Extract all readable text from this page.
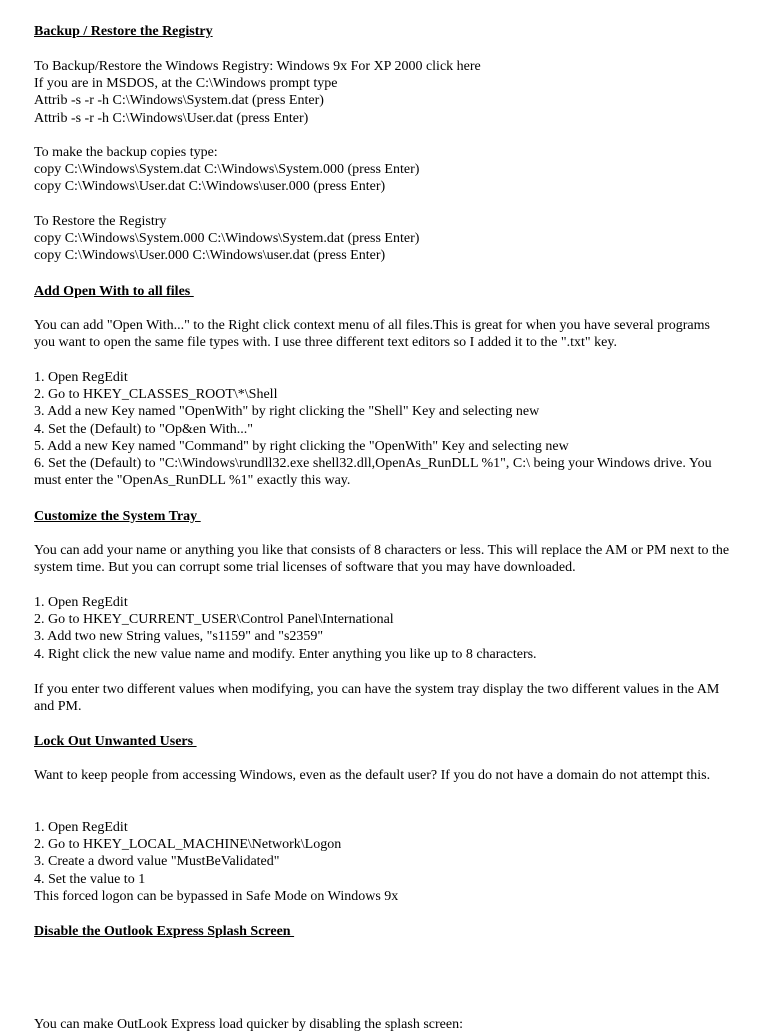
Backup / Restore the Registry
To Backup/Restore the Windows Registry: Windows 9x For XP 2000 click here
If you are in MSDOS, at the C:\Windows prompt type
Attrib -s -r -h C:\Windows\System.dat (press Enter)
Attrib -s -r -h C:\Windows\User.dat (press Enter)
To make the backup copies type:
copy C:\Windows\System.dat C:\Windows\System.000 (press Enter)
copy C:\Windows\User.dat C:\Windows\user.000 (press Enter)
To Restore the Registry
copy C:\Windows\System.000 C:\Windows\System.dat (press Enter)
copy C:\Windows\User.000 C:\Windows\user.dat (press Enter)
Add Open With to all files
You can add "Open With..." to the Right click context menu of all files.This is great for when you have several programs you want to open the same file types with. I use three different text editors so I added it to the ".txt" key.
1. Open RegEdit
2. Go to HKEY_CLASSES_ROOT\*\Shell
3. Add a new Key named "OpenWith" by right clicking the "Shell" Key and selecting new
4. Set the (Default) to "Op&en With..."
5. Add a new Key named "Command" by right clicking the "OpenWith" Key and selecting new
6. Set the (Default) to "C:\Windows\rundll32.exe shell32.dll,OpenAs_RunDLL %1", C:\ being your Windows drive. You must enter the "OpenAs_RunDLL %1" exactly this way.
Customize the System Tray
You can add your name or anything you like that consists of 8 characters or less. This will replace the AM or PM next to the system time. But you can corrupt some trial licenses of software that you may have downloaded.
1. Open RegEdit
2. Go to HKEY_CURRENT_USER\Control Panel\International
3. Add two new String values, "s1159" and "s2359"
4. Right click the new value name and modify. Enter anything you like up to 8 characters.
If you enter two different values when modifying, you can have the system tray display the two different values in the AM and PM.
Lock Out Unwanted Users
Want to keep people from accessing Windows, even as the default user? If you do not have a domain do not attempt this.
1. Open RegEdit
2. Go to HKEY_LOCAL_MACHINE\Network\Logon
3. Create a dword value "MustBeValidated"
4. Set the value to 1
This forced logon can be bypassed in Safe Mode on Windows 9x
Disable the Outlook Express Splash Screen
You can make OutLook Express load quicker by disabling the splash screen:
